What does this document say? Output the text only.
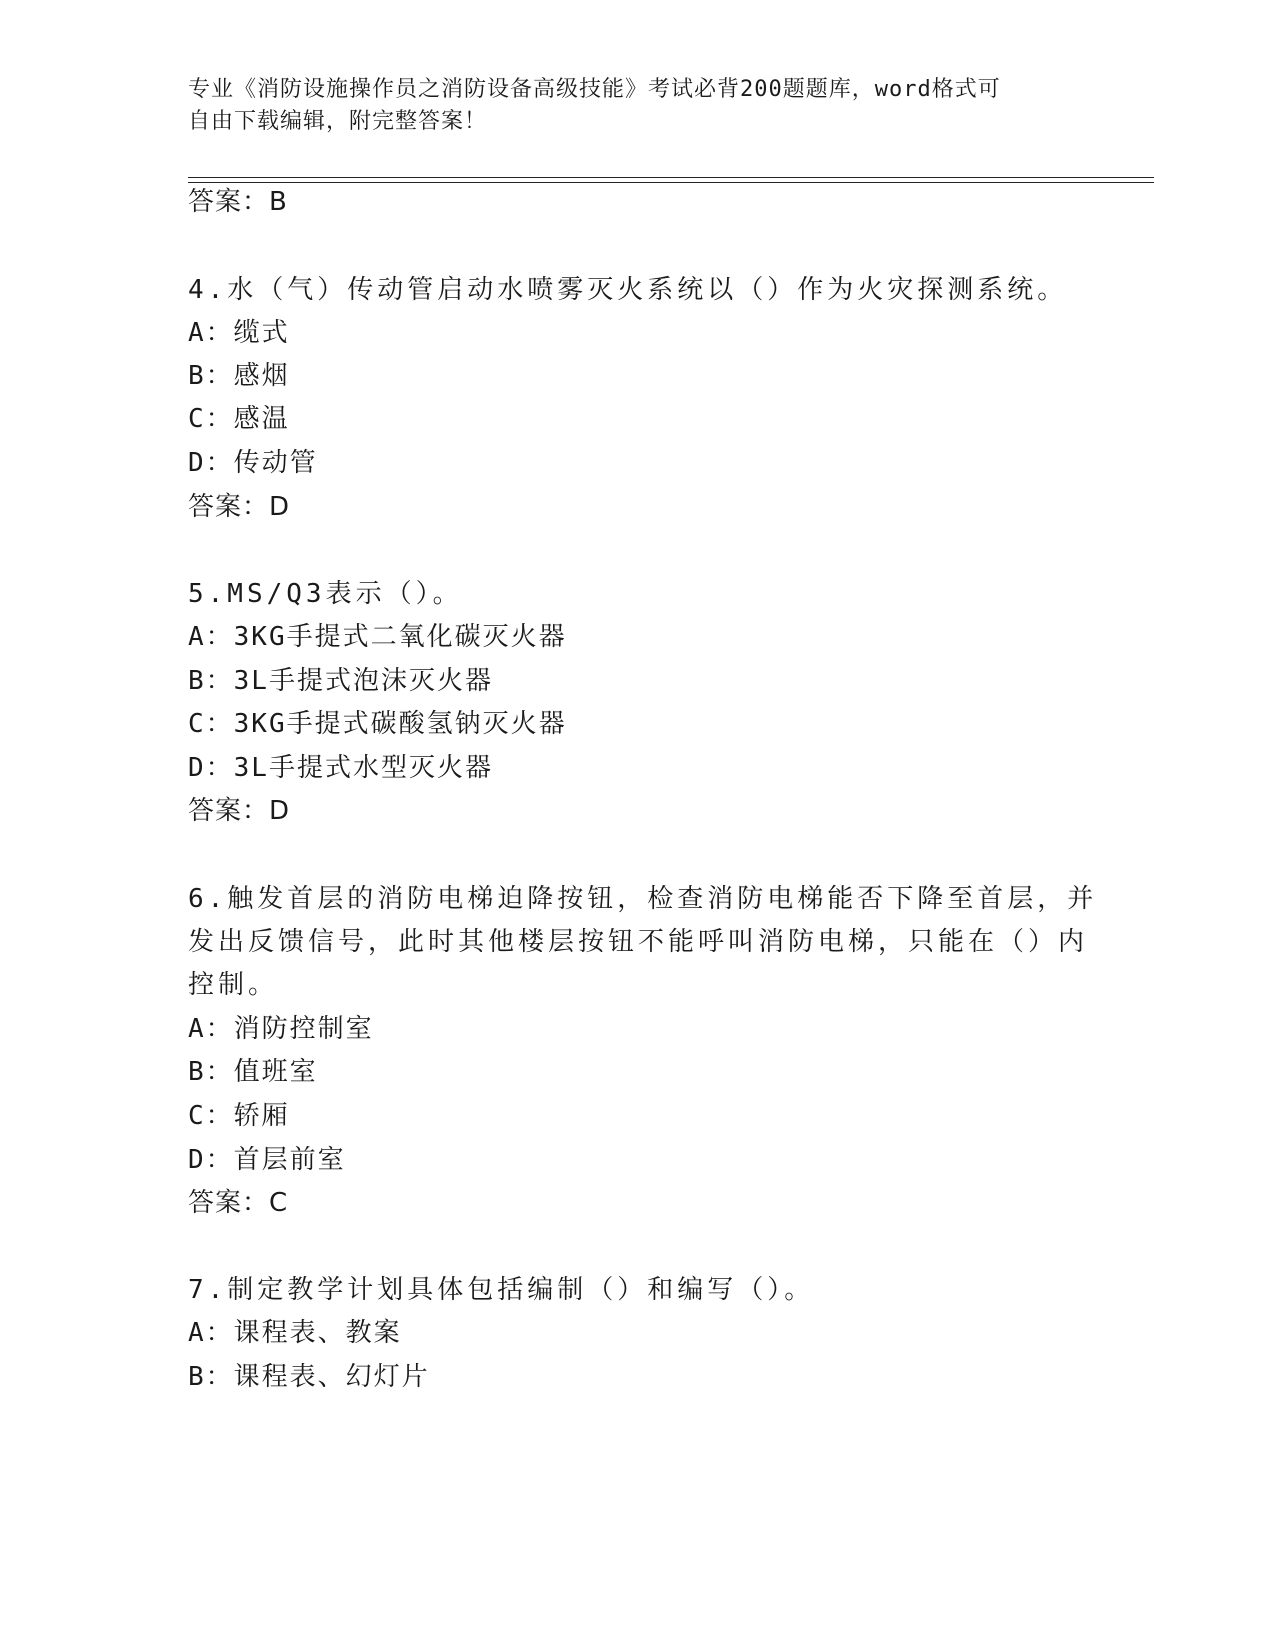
专业《消防设施操作员之消防设备高级技能》考试必背200题题库，word格式可
自由下载编辑，附完整答案！
答案：B
4.水（气）传动管启动水喷雾灭火系统以（）作为火灾探测系统。
A：缆式
B：感烟
C：感温
D：传动管
答案：D
5.MS/Q3表示（）。
A：3KG手提式二氧化碳灭火器
B：3L手提式泡沫灭火器
C：3KG手提式碳酸氢钠灭火器
D：3L手提式水型灭火器
答案：D
6.触发首层的消防电梯迫降按钮，检查消防电梯能否下降至首层，并
发出反馈信号，此时其他楼层按钮不能呼叫消防电梯，只能在（）内
控制。
A：消防控制室
B：值班室
C：轿厢
D：首层前室
答案：C
7.制定教学计划具体包括编制（）和编写（）。
A：课程表、教案
B：课程表、幻灯片
